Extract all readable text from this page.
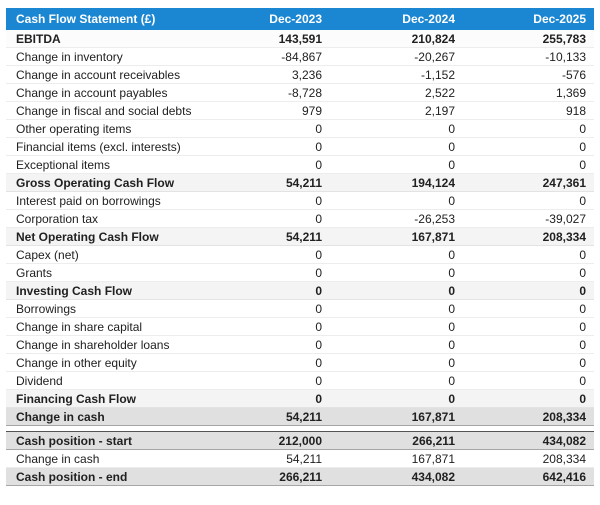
Cash Flow Statement (£)	Dec-2023	Dec-2024	Dec-2025
EBITDA	143,591	210,824	255,783
Change in inventory	-84,867	-20,267	-10,133
Change in account receivables	3,236	-1,152	-576
Change in account payables	-8,728	2,522	1,369
Change in fiscal and social debts	979	2,197	918
Other operating items	0	0	0
Financial items (excl. interests)	0	0	0
Exceptional items	0	0	0
Gross Operating Cash Flow	54,211	194,124	247,361
Interest paid on borrowings	0	0	0
Corporation tax	0	-26,253	-39,027
Net Operating Cash Flow	54,211	167,871	208,334
Capex (net)	0	0	0
Grants	0	0	0
Investing Cash Flow	0	0	0
Borrowings	0	0	0
Change in share capital	0	0	0
Change in shareholder loans	0	0	0
Change in other equity	0	0	0
Dividend	0	0	0
Financing Cash Flow	0	0	0
Change in cash	54,211	167,871	208,334

Cash position - start	212,000	266,211	434,082
Change in cash	54,211	167,871	208,334
Cash position - end	266,211	434,082	642,416
